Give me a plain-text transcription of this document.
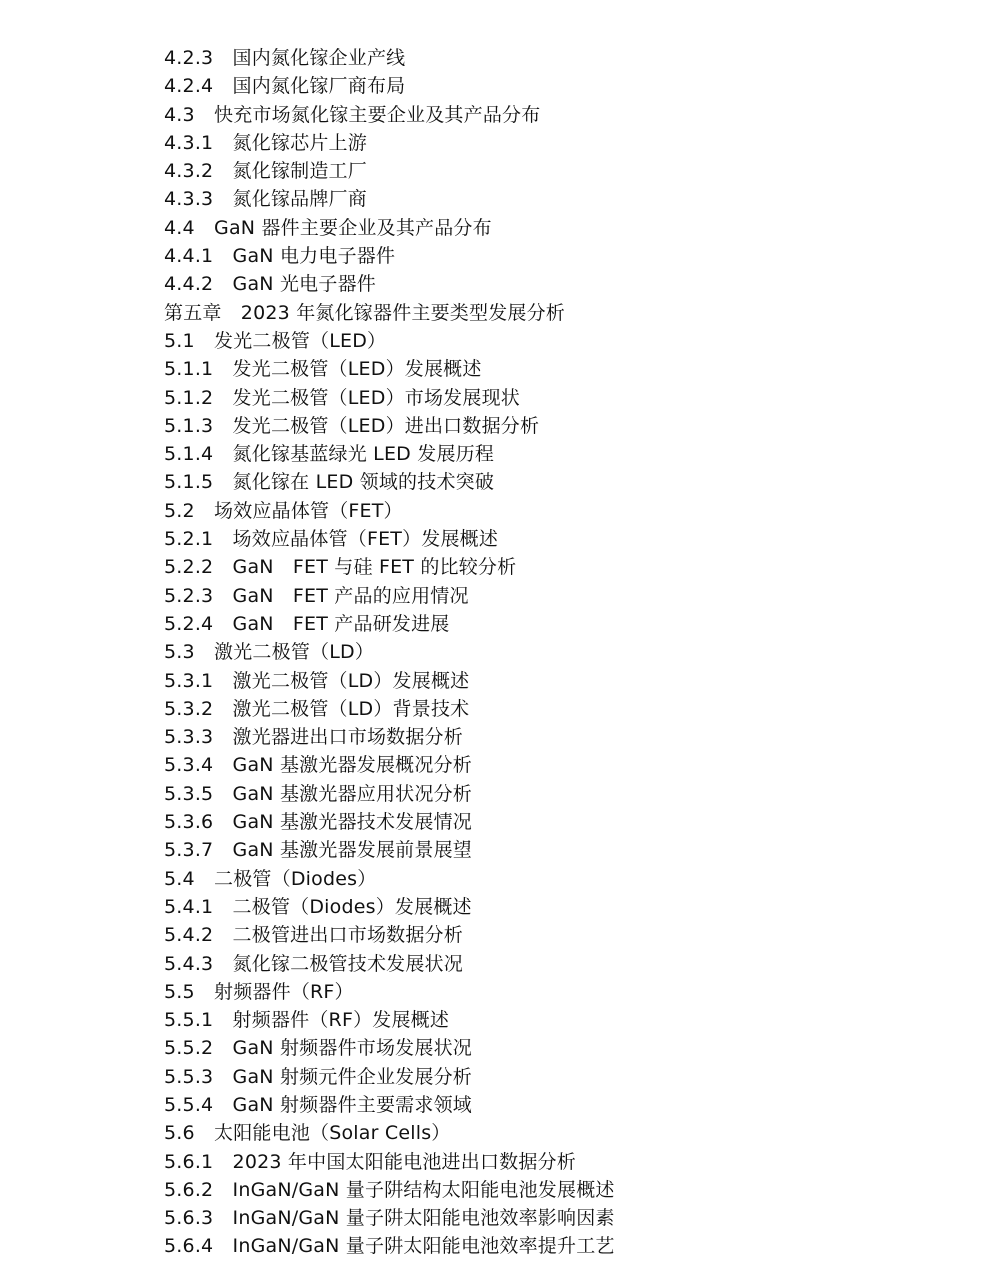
4.2.3　国内氮化镓企业产线
4.2.4　国内氮化镓厂商布局
4.3　快充市场氮化镓主要企业及其产品分布
4.3.1　氮化镓芯片上游
4.3.2　氮化镓制造工厂
4.3.3　氮化镓品牌厂商
4.4　GaN 器件主要企业及其产品分布
4.4.1　GaN 电力电子器件
4.4.2　GaN 光电子器件
第五章　2023 年氮化镓器件主要类型发展分析
5.1　发光二极管（LED）
5.1.1　发光二极管（LED）发展概述
5.1.2　发光二极管（LED）市场发展现状
5.1.3　发光二极管（LED）进出口数据分析
5.1.4　氮化镓基蓝绿光 LED 发展历程
5.1.5　氮化镓在 LED 领域的技术突破
5.2　场效应晶体管（FET）
5.2.1　场效应晶体管（FET）发展概述
5.2.2　GaN　FET 与硅 FET 的比较分析
5.2.3　GaN　FET 产品的应用情况
5.2.4　GaN　FET 产品研发进展
5.3　激光二极管（LD）
5.3.1　激光二极管（LD）发展概述
5.3.2　激光二极管（LD）背景技术
5.3.3　激光器进出口市场数据分析
5.3.4　GaN 基激光器发展概况分析
5.3.5　GaN 基激光器应用状况分析
5.3.6　GaN 基激光器技术发展情况
5.3.7　GaN 基激光器发展前景展望
5.4　二极管（Diodes）
5.4.1　二极管（Diodes）发展概述
5.4.2　二极管进出口市场数据分析
5.4.3　氮化镓二极管技术发展状况
5.5　射频器件（RF）
5.5.1　射频器件（RF）发展概述
5.5.2　GaN 射频器件市场发展状况
5.5.3　GaN 射频元件企业发展分析
5.5.4　GaN 射频器件主要需求领域
5.6　太阳能电池（Solar Cells）
5.6.1　2023 年中国太阳能电池进出口数据分析
5.6.2　InGaN/GaN 量子阱结构太阳能电池发展概述
5.6.3　InGaN/GaN 量子阱太阳能电池效率影响因素
5.6.4　InGaN/GaN 量子阱太阳能电池效率提升工艺
